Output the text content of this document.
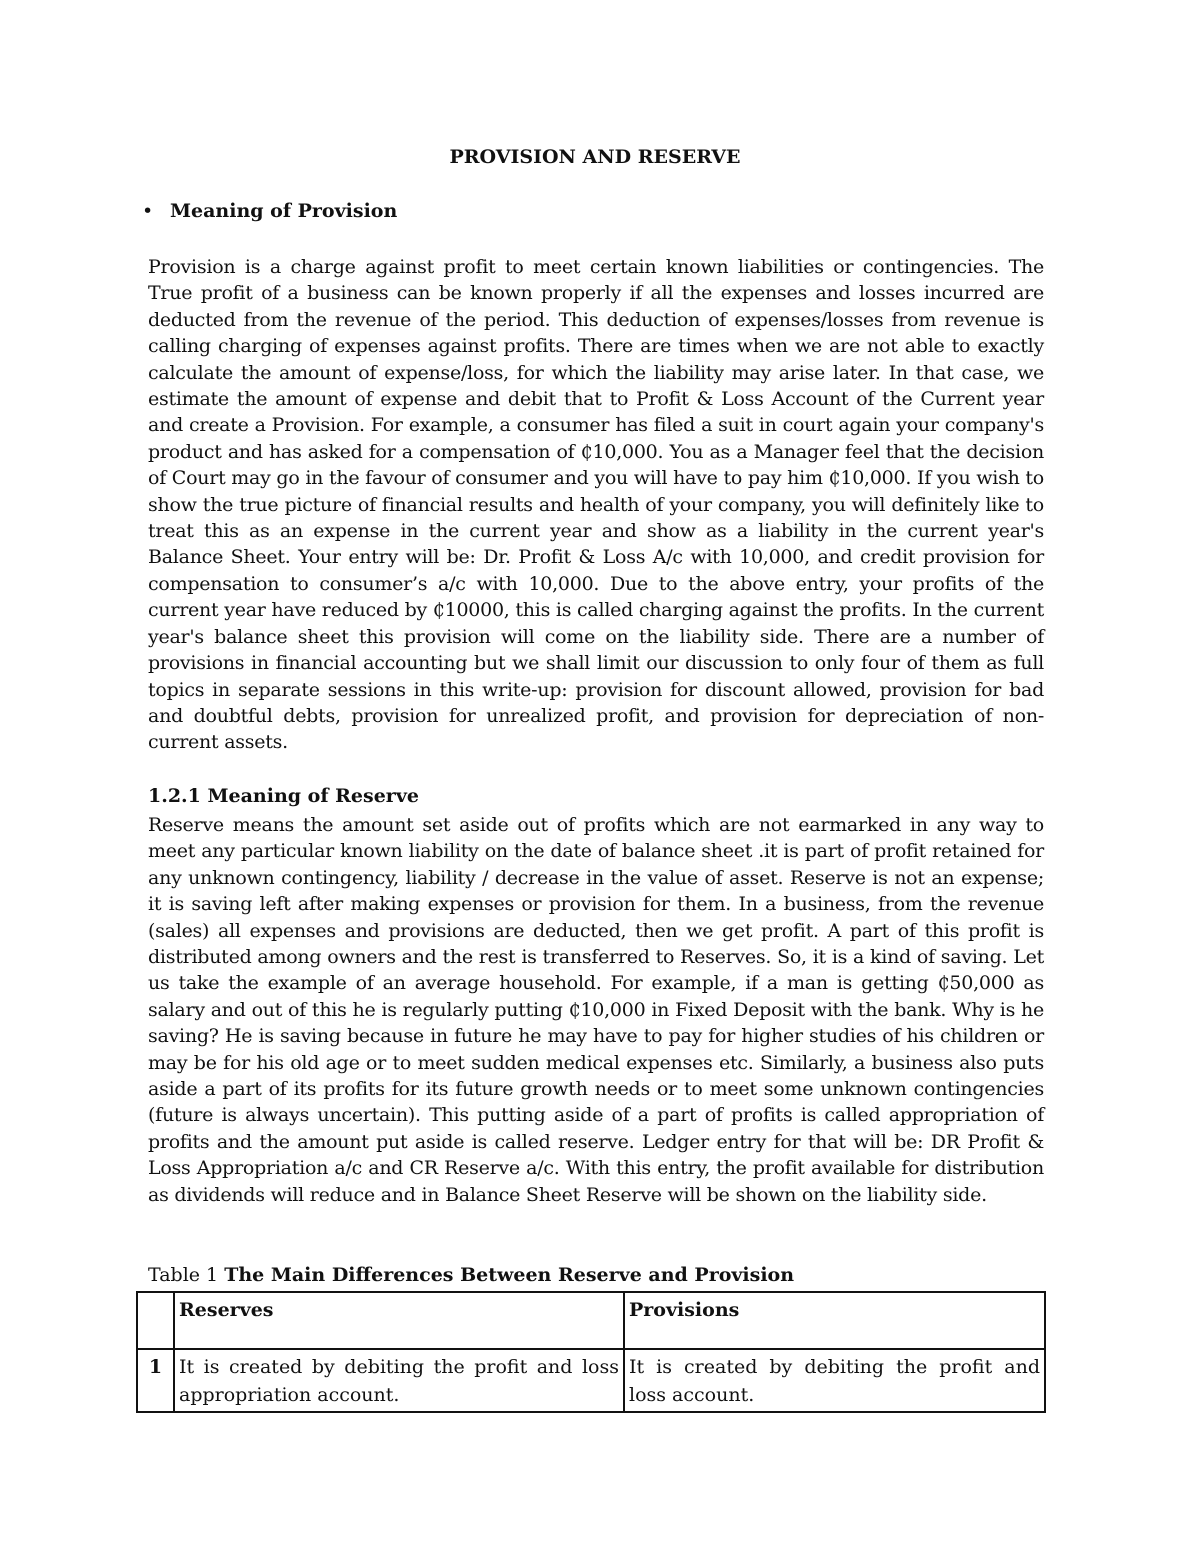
PROVISION AND RESERVE
• Meaning of Provision

Provision is a charge against profit to meet certain known liabilities or contingencies. The True profit of a business can be known properly if all the expenses and losses incurred are deducted from the revenue of the period. This deduction of expenses/losses from revenue is calling charging of expenses against profits. There are times when we are not able to exactly calculate the amount of expense/loss, for which the liability may arise later. In that case, we estimate the amount of expense and debit that to Profit & Loss Account of the Current year and create a Provision. For example, a consumer has filed a suit in court again your company's product and has asked for a compensation of ₵10,000. You as a Manager feel that the decision of Court may go in the favour of consumer and you will have to pay him ₵10,000. If you wish to show the true picture of financial results and health of your company, you will definitely like to treat this as an expense in the current year and show as a liability in the current year's Balance Sheet. Your entry will be: Dr. Profit & Loss A/c with 10,000, and credit provision for compensation to consumer’s a/c with 10,000. Due to the above entry, your profits of the current year have reduced by ₵10000, this is called charging against the profits. In the current year's balance sheet this provision will come on the liability side. There are a number of provisions in financial accounting but we shall limit our discussion to only four of them as full topics in separate sessions in this write-up: provision for discount allowed, provision for bad and doubtful debts, provision for unrealized profit, and provision for depreciation of non-current assets.

1.2.1 Meaning of Reserve

Reserve means the amount set aside out of profits which are not earmarked in any way to meet any particular known liability on the date of balance sheet .it is part of profit retained for any unknown contingency, liability / decrease in the value of asset. Reserve is not an expense; it is saving left after making expenses or provision for them. In a business, from the revenue (sales) all expenses and provisions are deducted, then we get profit. A part of this profit is distributed among owners and the rest is transferred to Reserves. So, it is a kind of saving. Let us take the example of an average household. For example, if a man is getting ₵50,000 as salary and out of this he is regularly putting ₵10,000 in Fixed Deposit with the bank. Why is he saving? He is saving because in future he may have to pay for higher studies of his children or may be for his old age or to meet sudden medical expenses etc. Similarly, a business also puts aside a part of its profits for its future growth needs or to meet some unknown contingencies (future is always uncertain). This putting aside of a part of profits is called appropriation of profits and the amount put aside is called reserve. Ledger entry for that will be: DR Profit & Loss Appropriation a/c and CR Reserve a/c. With this entry, the profit available for distribution as dividends will reduce and in Balance Sheet Reserve will be shown on the liability side.

Table 1 The Main Differences Between Reserve and Provision
	Reserves	Provisions
1	It is created by debiting the profit and loss appropriation account.	It is created by debiting the profit and loss account.
